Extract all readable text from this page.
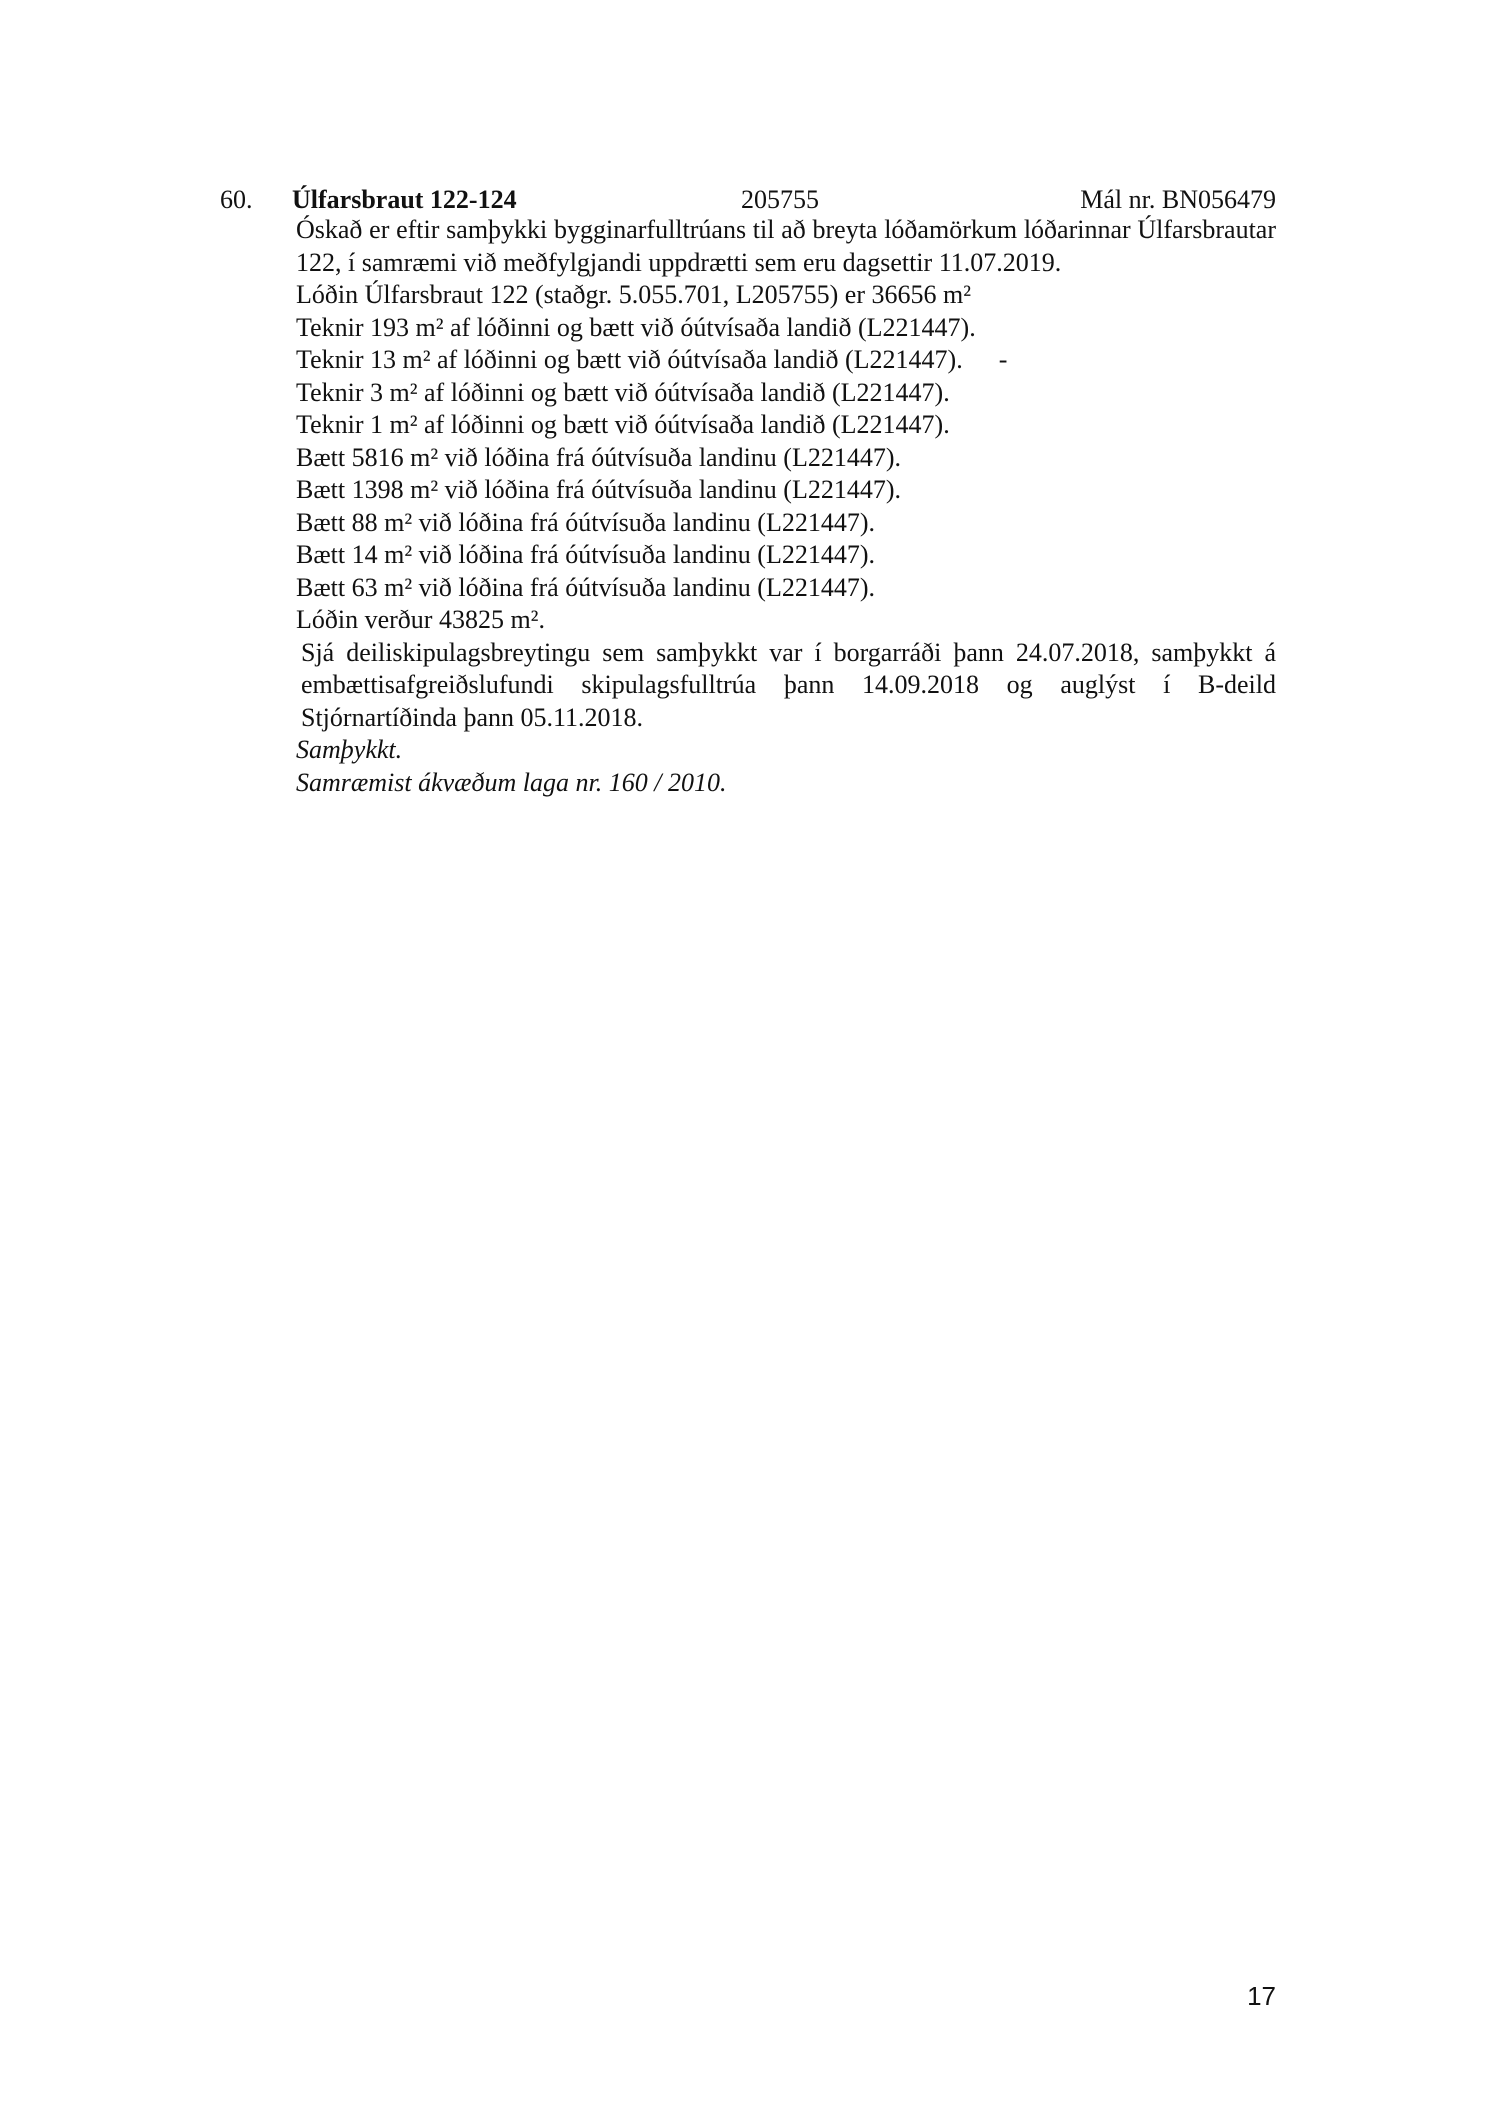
60. Úlfarsbraut 122-124	205755	Mál nr. BN056479

Óskað er eftir samþykki bygginarfulltrúans til að breyta lóðamörkum lóðarinnar Úlfarsbrautar 122, í samræmi við meðfylgjandi uppdrætti sem eru dagsettir 11.07.2019.

Lóðin Úlfarsbraut 122 (staðgr. 5.055.701, L205755) er 36656 m²

Teknir 193 m² af lóðinni og bætt við óútvísaða landið (L221447).

Teknir 13 m² af lóðinni og bætt við óútvísaða landið (L221447). -

Teknir 3 m² af lóðinni og bætt við óútvísaða landið (L221447).

Teknir 1 m² af lóðinni og bætt við óútvísaða landið (L221447).

Bætt 5816 m² við lóðina frá óútvísuða landinu (L221447).

Bætt 1398 m² við lóðina frá óútvísuða landinu (L221447).

Bætt 88 m² við lóðina frá óútvísuða landinu (L221447).

Bætt 14 m² við lóðina frá óútvísuða landinu (L221447).

Bætt 63 m² við lóðina frá óútvísuða landinu (L221447).

Lóðin verður 43825 m².

Sjá deiliskipulagsbreytingu sem samþykkt var í borgarráði þann 24.07.2018, samþykkt á embættisafgreiðslufundi skipulagsfulltrúa þann 14.09.2018 og auglýst í B-deild Stjórnartíðinda þann 05.11.2018.

Samþykkt.

Samræmist ákvæðum laga nr. 160 / 2010.

17
